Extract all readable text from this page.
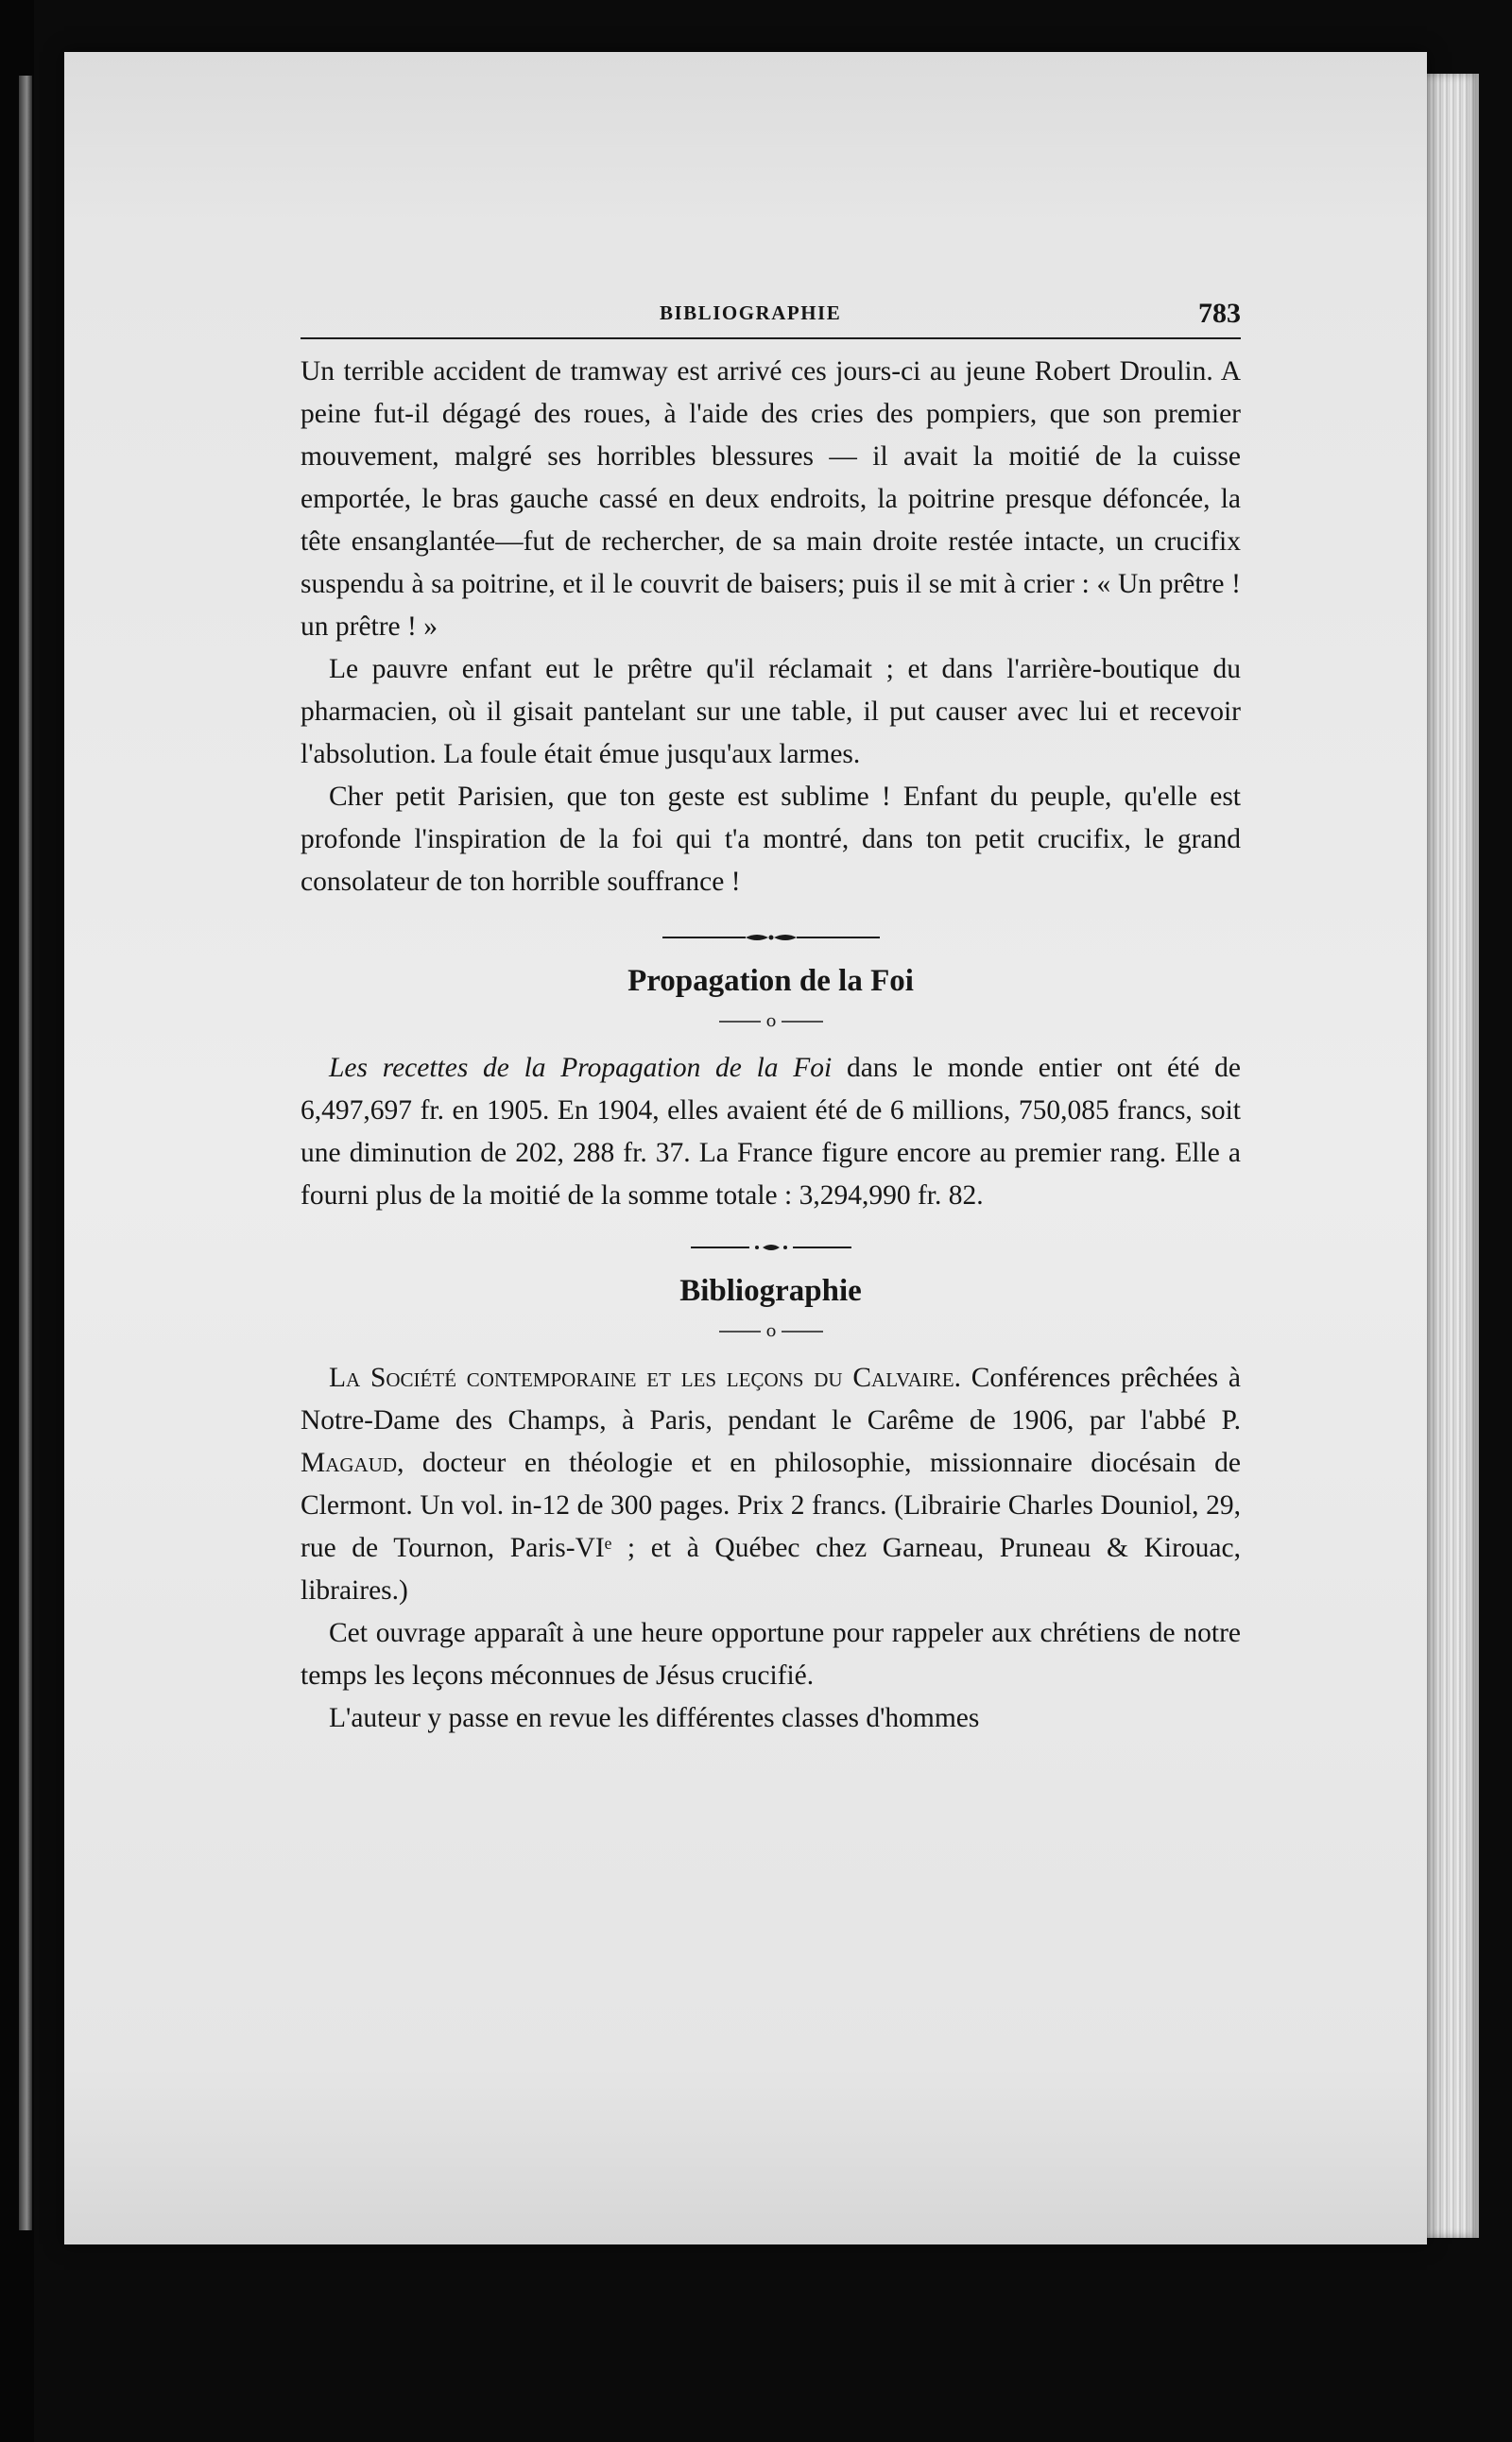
BIBLIOGRAPHIE	783

Un terrible accident de tramway est arrivé ces jours-ci au jeune Robert Droulin. A peine fut-il dégagé des roues, à l'aide des cries des pompiers, que son premier mouvement, malgré ses horribles blessures — il avait la moitié de la cuisse emportée, le bras gauche cassé en deux endroits, la poitrine presque défoncée, la tête ensanglantée—fut de rechercher, de sa main droite restée intacte, un crucifix suspendu à sa poitrine, et il le couvrit de baisers; puis il se mit à crier : « Un prêtre ! un prêtre ! »

Le pauvre enfant eut le prêtre qu'il réclamait ; et dans l'arrière-boutique du pharmacien, où il gisait pantelant sur une table, il put causer avec lui et recevoir l'absolution. La foule était émue jusqu'aux larmes.

Cher petit Parisien, que ton geste est sublime ! Enfant du peuple, qu'elle est profonde l'inspiration de la foi qui t'a montré, dans ton petit crucifix, le grand consolateur de ton horrible souffrance !

Propagation de la Foi
o

Les recettes de la Propagation de la Foi dans le monde entier ont été de 6,497,697 fr. en 1905. En 1904, elles avaient été de 6 millions, 750,085 francs, soit une diminution de 202, 288 fr. 37. La France figure encore au premier rang. Elle a fourni plus de la moitié de la somme totale : 3,294,990 fr. 82.

Bibliographie
o

La Société contemporaine et les leçons du Calvaire. Conférences prêchées à Notre-Dame des Champs, à Paris, pendant le Carême de 1906, par l'abbé P. Magaud, docteur en théologie et en philosophie, missionnaire diocésain de Clermont. Un vol. in-12 de 300 pages. Prix 2 francs. (Librairie Charles Douniol, 29, rue de Tournon, Paris-VIᵉ ; et à Québec chez Garneau, Pruneau & Kirouac, libraires.)

Cet ouvrage apparaît à une heure opportune pour rappeler aux chrétiens de notre temps les leçons méconnues de Jésus crucifié.

L'auteur y passe en revue les différentes classes d'hommes
